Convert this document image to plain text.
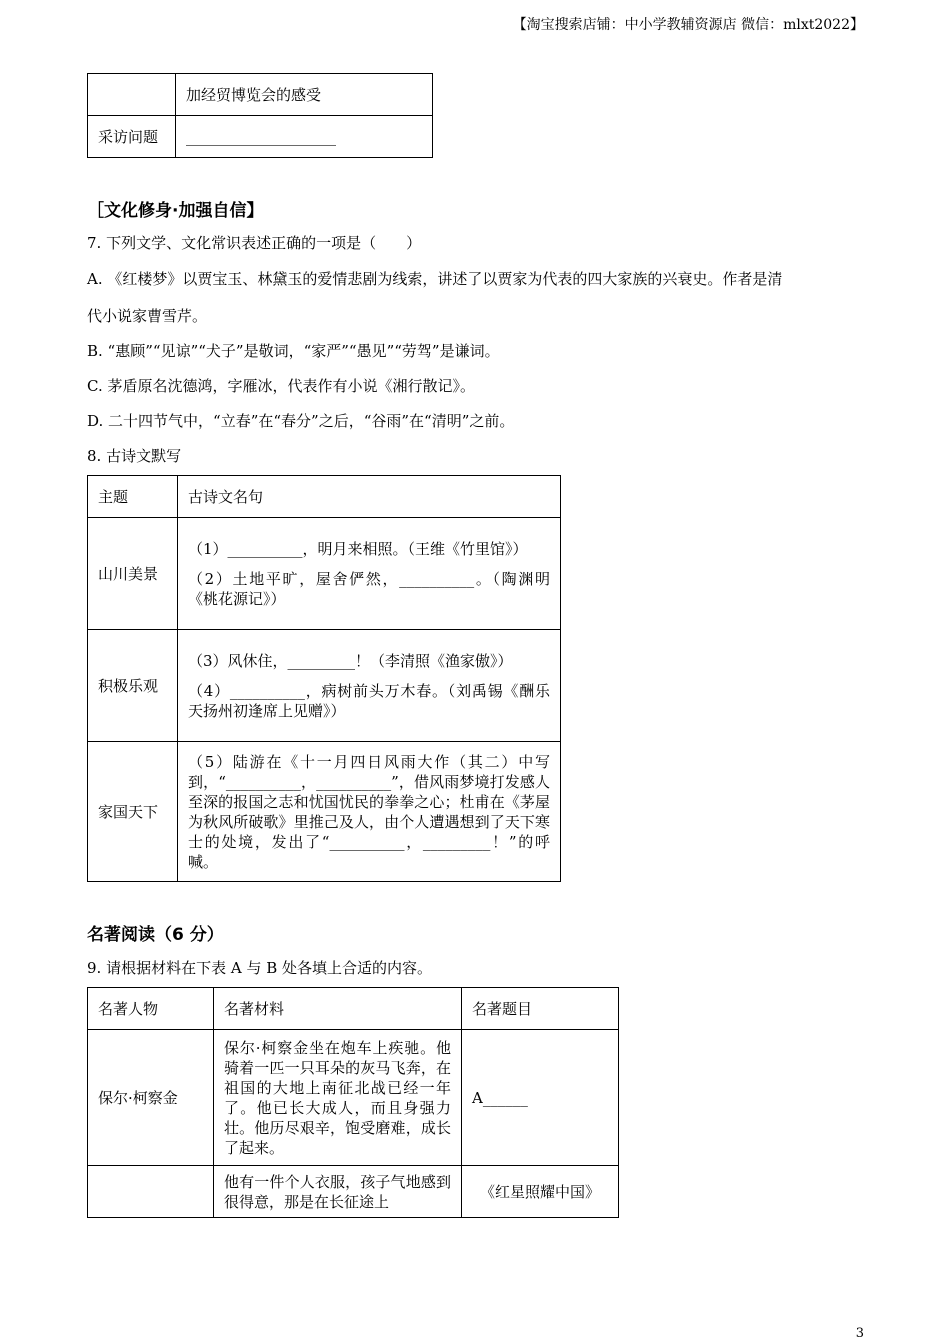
【淘宝搜索店铺：中小学教辅资源店 微信：mlxt2022】
	加经贸博览会的感受
采访问题	____________________
［文化修身·加强自信】
7. 下列文学、文化常识表述正确的一项是（　　）
A. 《红楼梦》以贾宝玉、林黛玉的爱情悲剧为线索，讲述了以贾家为代表的四大家族的兴衰史。作者是清
代小说家曹雪芹。
B. “惠顾”“见谅”“犬子”是敬词，“家严”“愚见”“劳驾”是谦词。
C. 茅盾原名沈德鸿，字雁冰，代表作有小说《湘行散记》。
D. 二十四节气中，“立春”在“春分”之后，“谷雨”在“清明”之前。
8. 古诗文默写
主题	古诗文名句
山川美景	（1）__________，明月来相照。（王维《竹里馆》）

（2）土地平旷，屋舍俨然，__________。（陶渊明《桃花源记》）

积极乐观	（3）风休住，_________！（李清照《渔家傲》）

（4）__________，病树前头万木春。（刘禹锡《酬乐天扬州初逢席上见赠》）

家国天下	（5）陆游在《十一月四日风雨大作（其二）中写到，“__________，__________”，借风雨梦境打发感人至深的报国之志和忧国忧民的拳拳之心；杜甫在《茅屋为秋风所破歌》里推己及人，由个人遭遇想到了天下寒士的处境，发出了“__________，_________！”的呼喊。

名著阅读（6 分）
9. 请根据材料在下表 A 与 B 处各填上合适的内容。
名著人物	名著材料	名著题目
保尔·柯察金	保尔·柯察金坐在炮车上疾驰。他骑着一匹一只耳朵的灰马飞奔，在祖国的大地上南征北战已经一年了。他已长大成人，而且身强力壮。他历尽艰辛，饱受磨难，成长了起来。	A______

	他有一件个人衣服，孩子气地感到很得意，那是在长征途上	《红星照耀中国》
3
